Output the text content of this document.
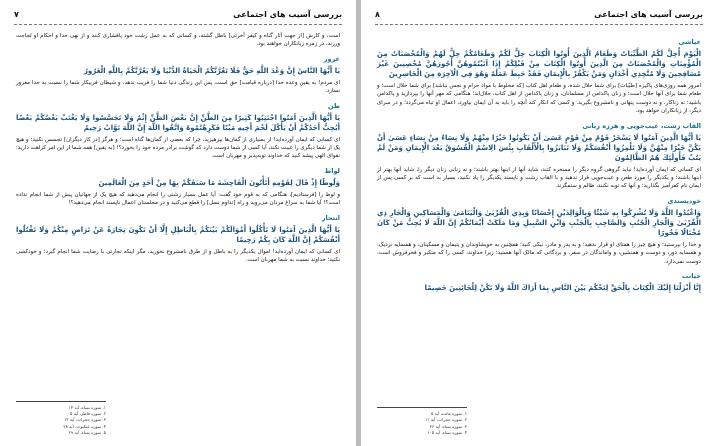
بررسی آسیب های اجتماعی
۸
عیاشی

الْيَوْمَ أُحِلَّ لَكُمُ الطَّيِّبَاتُ وَطَعَامُ الَّذِينَ أُوتُوا الْكِتَابَ حِلٌّ لَكُمْ وَطَعَامُكُمْ حِلٌّ لَهُمْ وَالْمُحْصَنَاتُ مِنَ الْمُؤْمِنَاتِ وَالْمُحْصَنَاتُ مِنَ الَّذِينَ أُوتُوا الْكِتَابَ مِنْ قَبْلِكُمْ إِذَا آتَيْتُمُوهُنَّ أُجُورَهُنَّ مُحْصِنِينَ غَيْرَ مُسَافِحِينَ وَلَا مُتَّخِذِي أَخْدَانٍ وَمَنْ يَكْفُرْ بِالْإِيمَانِ فَقَدْ حَبِطَ عَمَلُهُ وَهُوَ فِي الْآخِرَةِ مِنَ الْخَاسِرِينَ

امروز همه روزی‌های پاکیزه [طیّبات] برای شما حلال شده، و طعام اهل کتاب [که مخلوط با مواد حرام و نجس نباشد] برای شما حلال است؛ و طعام شما برای آنها حلال است؛ و زنان پاکدامن از مسلمانان، و زنان پاکدامن از اهل کتاب، حلال‌اند؛ هنگامی که مهر آنها را بپردازید و پاکدامن باشید؛ نه زناکار، و نه دوست پنهانی و نامشروع بگیرید. و کسی که انکار کند آنچه را باید به آن ایمان بیاورد، اعمال او تباه می‌گردد؛ و در سرای دیگر، از زیانکاران خواهد بود.

القاب زشت، عیب‌جویی و هرزه زبانی

يَا أَيُّهَا الَّذِينَ آمَنُوا لَا يَسْخَرْ قَوْمٌ مِنْ قَوْمٍ عَسَىٰ أَنْ يَكُونُوا خَيْرًا مِنْهُمْ وَلَا نِسَاءٌ مِنْ نِسَاءٍ عَسَىٰ أَنْ يَكُنَّ خَيْرًا مِنْهُنَّ وَلَا تَلْمِزُوا أَنْفُسَكُمْ وَلَا تَنَابَزُوا بِالْأَلْقَابِ بِئْسَ الِاسْمُ الْفُسُوقُ بَعْدَ الْإِيمَانِ وَمَنْ لَمْ يَتُبْ فَأُولَٰئِكَ هُمُ الظَّالِمُونَ

ای کسانی که ایمان آورده‌اید! نباید گروهی گروه دیگر را مسخره کنند، شاید آنها از اینها بهتر باشند؛ و نه زنانی زنان دیگر را، شاید آنها بهتر از اینها باشند؛ و یکدیگر را مورد طعن و عیب‌جویی قرار ندهید و با القاب زشت و ناپسند یکدیگر را یاد نکنید، بسیار بد است که بر کسی پس از ایمان نام کفرآمیز بگذارید؛ و آنها که توبه نکنند، ظالم و ستمگرند.

خودپسندی

وَاعْبُدُوا اللَّهَ وَلَا تُشْرِكُوا بِهِ شَيْئًا وَبِالْوَالِدَيْنِ إِحْسَانًا وَبِذِي الْقُرْبَىٰ وَالْيَتَامَىٰ وَالْمَسَاكِينِ وَالْجَارِ ذِي الْقُرْبَىٰ وَالْجَارِ الْجُنُبِ وَالصَّاحِبِ بِالْجَنْبِ وَابْنِ السَّبِيلِ وَمَا مَلَكَتْ أَيْمَانُكُمْ إِنَّ اللَّهَ لَا يُحِبُّ مَنْ كَانَ مُخْتَالًا فَخُورًا

و خدا را بپرستید؛ و هیچ چیز را همتای او قرار ندهید؛ و به پدر و مادر، نیکی کنید؛ همچنین به خویشاوندان و یتیمان و مسکینان، و همسایه نزدیک، و همسایه دور، و دوست و همنشین، و واماندگان در سفر، و بردگانی که مالک آنها هستید؛ زیرا خداوند، کسی را که متکبر و فخرفروش است، دوست نمی‌دارد.

خیانت

إِنَّا أَنْزَلْنَا إِلَيْكَ الْكِتَابَ بِالْحَقِّ لِتَحْكُمَ بَيْنَ النَّاسِ بِمَا أَرَاكَ اللَّهُ وَلَا تَكُنْ لِلْخَائِنِينَ خَصِيمًا

۱. سوره مائده، آیه ۵
۲. سوره حجرات، آیه ۱۱
۳. سوره نساء، آیه ۳۶
۴. سوره نساء، آیه ۱۰۵
بررسی آسیب های اجتماعی
۷

است، و کارش [از جهت آثار گناه و کیفر آخرتی] باطل گشته، و کسانی که به عمل زشت خود پافشاری کنند و از نهی خدا و احکام او لجاجت ورزند، در زمره زیانکاران خواهند بود.

غرور

يَا أَيُّهَا النَّاسُ إِنَّ وَعْدَ اللَّهِ حَقٌّ فَلَا تَغُرَّنَّكُمُ الْحَيَاةُ الدُّنْيَا وَلَا يَغُرَّنَّكُمْ بِاللَّهِ الْغَرُورُ

ای مردم! به یقین وعده خدا [درباره قیامت] حق است، پس این زندگی دنیا شما را فریب ندهد، و شیطان فریبکار شما را نسبت به خدا مغرور نسازد.

ظن

يَا أَيُّهَا الَّذِينَ آمَنُوا اجْتَنِبُوا كَثِيرًا مِنَ الظَّنِّ إِنَّ بَعْضَ الظَّنِّ إِثْمٌ وَلَا تَجَسَّسُوا وَلَا يَغْتَبْ بَعْضُكُمْ بَعْضًا أَيُحِبُّ أَحَدُكُمْ أَنْ يَأْكُلَ لَحْمَ أَخِيهِ مَيْتًا فَكَرِهْتُمُوهُ وَاتَّقُوا اللَّهَ إِنَّ اللَّهَ تَوَّابٌ رَحِيمٌ

ای کسانی که ایمان آورده‌اید! از بسیاری از گمان‌ها بپرهیزید، چرا که بعضی از گمان‌ها گناه است؛ و هرگز [در کار دیگران] تجسس نکنید؛ و هیچ یک از شما دیگری را غیبت نکند، آیا کسی از شما دوست دارد که گوشت برادر مرده خود را بخورد؟! [به یقین] همه شما از این امر کراهت دارید؛ تقوای الهی پیشه کنید که خداوند توبه‌پذیر و مهربان است.

لواط

وَلُوطًا إِذْ قَالَ لِقَوْمِهِ أَتَأْتُونَ الْفَاحِشَةَ مَا سَبَقَكُمْ بِهَا مِنْ أَحَدٍ مِنَ الْعَالَمِينَ

و لوط را [فرستادیم]، هنگامی که به قوم خود گفت: آیا عمل بسیار زشتی را انجام می‌دهید که هیچ یک از جهانیان پیش از شما انجام نداده است؟! آیا شما به سراغ مردان می‌روید و راه [تداوم نسل] را قطع می‌کنید و در مجلستان اعمال ناپسند انجام می‌دهید؟!

انتحار

يَا أَيُّهَا الَّذِينَ آمَنُوا لَا تَأْكُلُوا أَمْوَالَكُمْ بَيْنَكُمْ بِالْبَاطِلِ إِلَّا أَنْ تَكُونَ تِجَارَةً عَنْ تَرَاضٍ مِنْكُمْ وَلَا تَقْتُلُوا أَنْفُسَكُمْ إِنَّ اللَّهَ كَانَ بِكُمْ رَحِيمًا

ای کسانی که ایمان آورده‌اید! اموال یکدیگر را به باطل و از طرق نامشروع نخورید، مگر اینکه تجارتی با رضایت شما انجام گیرد؛ و خودکشی نکنید؛ خداوند نسبت به شما مهربان است.

۱. سوره نساء، آیه ۱۴
۲. سوره فاطر، آیه ۵
۳. سوره حجرات، آیه ۱۲
۴. سوره عنکبوت، آیه ۲۸
۵. سوره نساء، آیه ۲۹
